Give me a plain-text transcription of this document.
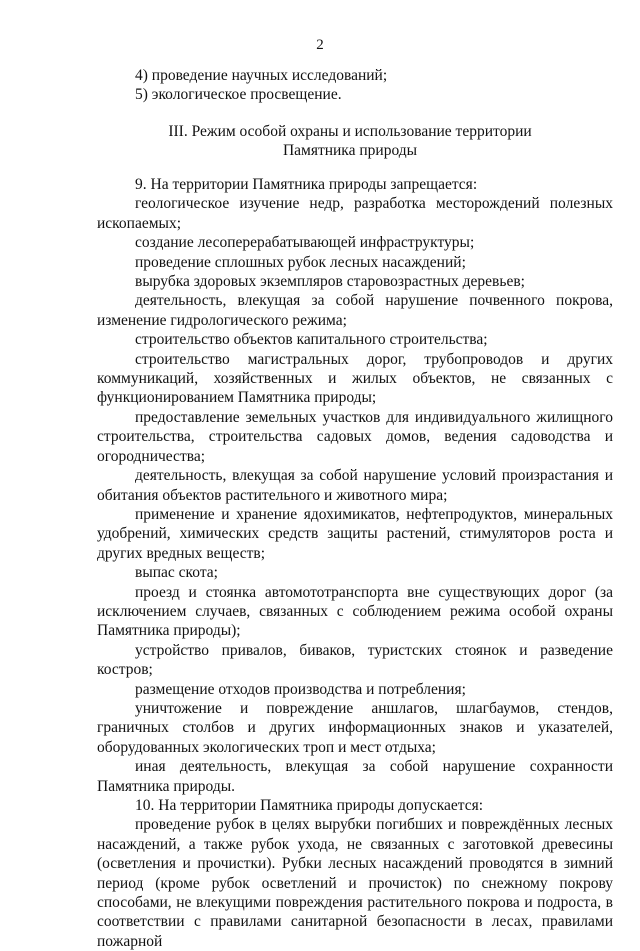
2

4) проведение научных исследований;

5) экологическое просвещение.

III. Режим особой охраны и использование территории
Памятника природы

9. На территории Памятника природы запрещается:

геологическое изучение недр, разработка месторождений полезных ископаемых;

создание лесоперерабатывающей инфраструктуры;

проведение сплошных рубок лесных насаждений;

вырубка здоровых экземпляров старовозрастных деревьев;

деятельность, влекущая за собой нарушение почвенного покрова, изменение гидрологического режима;

строительство объектов капитального строительства;

строительство магистральных дорог, трубопроводов и других коммуникаций, хозяйственных и жилых объектов, не связанных с функционированием Памятника природы;

предоставление земельных участков для индивидуального жилищного строительства, строительства садовых домов, ведения садоводства и огородничества;

деятельность, влекущая за собой нарушение условий произрастания и обитания объектов растительного и животного мира;

применение и хранение ядохимикатов, нефтепродуктов, минеральных удобрений, химических средств защиты растений, стимуляторов роста и других вредных веществ;

выпас скота;

проезд и стоянка автомототранспорта вне существующих дорог (за исключением случаев, связанных с соблюдением режима особой охраны Памятника природы);

устройство привалов, биваков, туристских стоянок и разведение костров;

размещение отходов производства и потребления;

уничтожение и повреждение аншлагов, шлагбаумов, стендов, граничных столбов и других информационных знаков и указателей, оборудованных экологических троп и мест отдыха;

иная деятельность, влекущая за собой нарушение сохранности Памятника природы.

10. На территории Памятника природы допускается:

проведение рубок в целях вырубки погибших и повреждённых лесных насаждений, а также рубок ухода, не связанных с заготовкой древесины (осветления и прочистки). Рубки лесных насаждений проводятся в зимний период (кроме рубок осветлений и прочисток) по снежному покрову способами, не влекущими повреждения растительного покрова и подроста, в соответствии с правилами санитарной безопасности в лесах, правилами пожарной
